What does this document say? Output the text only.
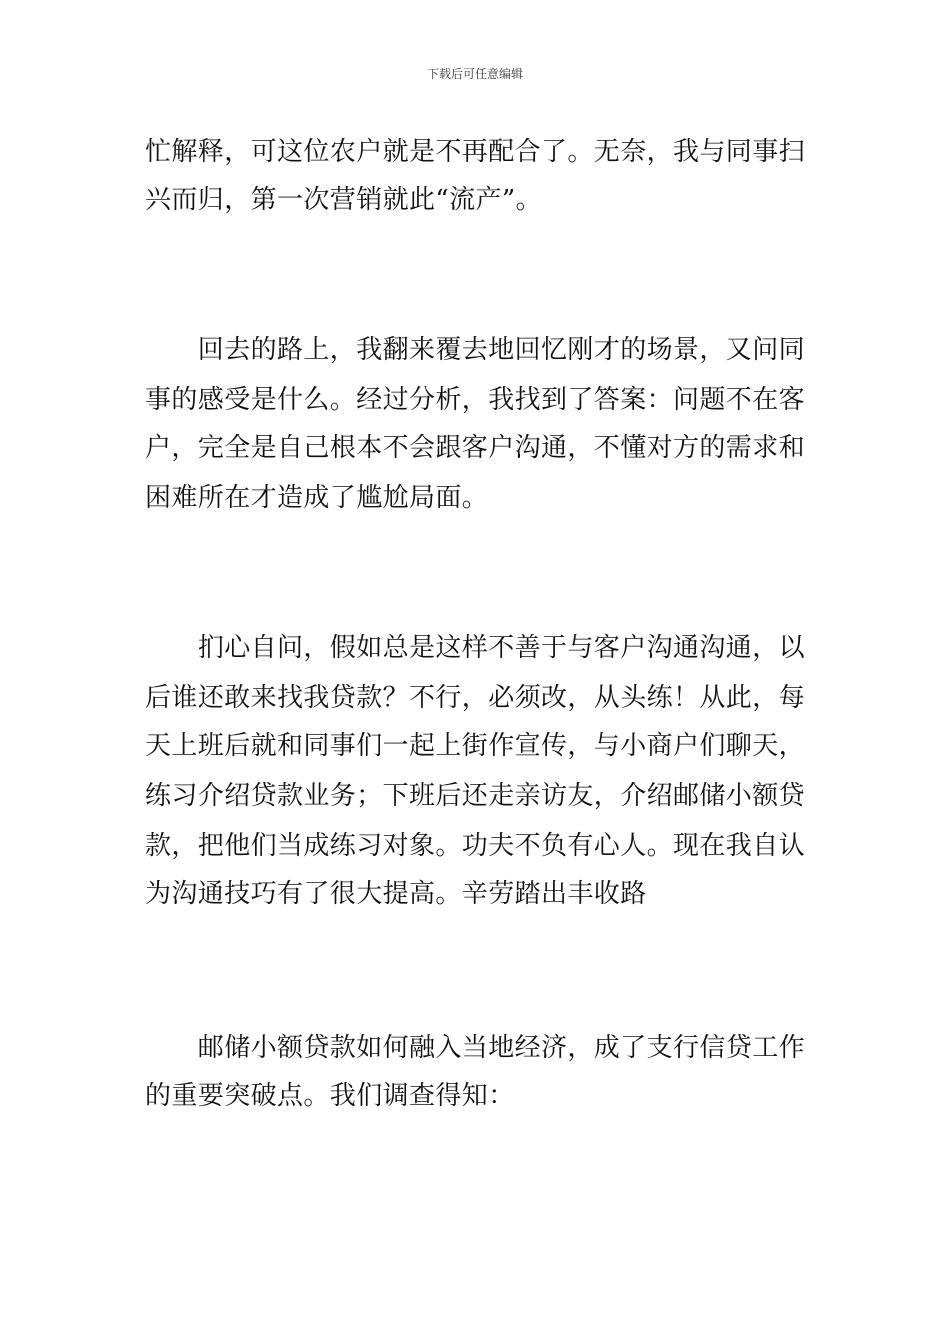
下载后可任意编辑
忙解释，可这位农户就是不再配合了。无奈，我与同事扫
兴而归，第一次营销就此“流产”。
　　回去的路上，我翻来覆去地回忆刚才的场景，又问同
事的感受是什么。经过分析，我找到了答案：问题不在客
户，完全是自己根本不会跟客户沟通，不懂对方的需求和
困难所在才造成了尴尬局面。
　　扪心自问，假如总是这样不善于与客户沟通沟通，以
后谁还敢来找我贷款？不行，必须改，从头练！从此，每
天上班后就和同事们一起上街作宣传，与小商户们聊天，
练习介绍贷款业务；下班后还走亲访友，介绍邮储小额贷
款，把他们当成练习对象。功夫不负有心人。现在我自认
为沟通技巧有了很大提高。辛劳踏出丰收路
　　邮储小额贷款如何融入当地经济，成了支行信贷工作
的重要突破点。我们调查得知：
